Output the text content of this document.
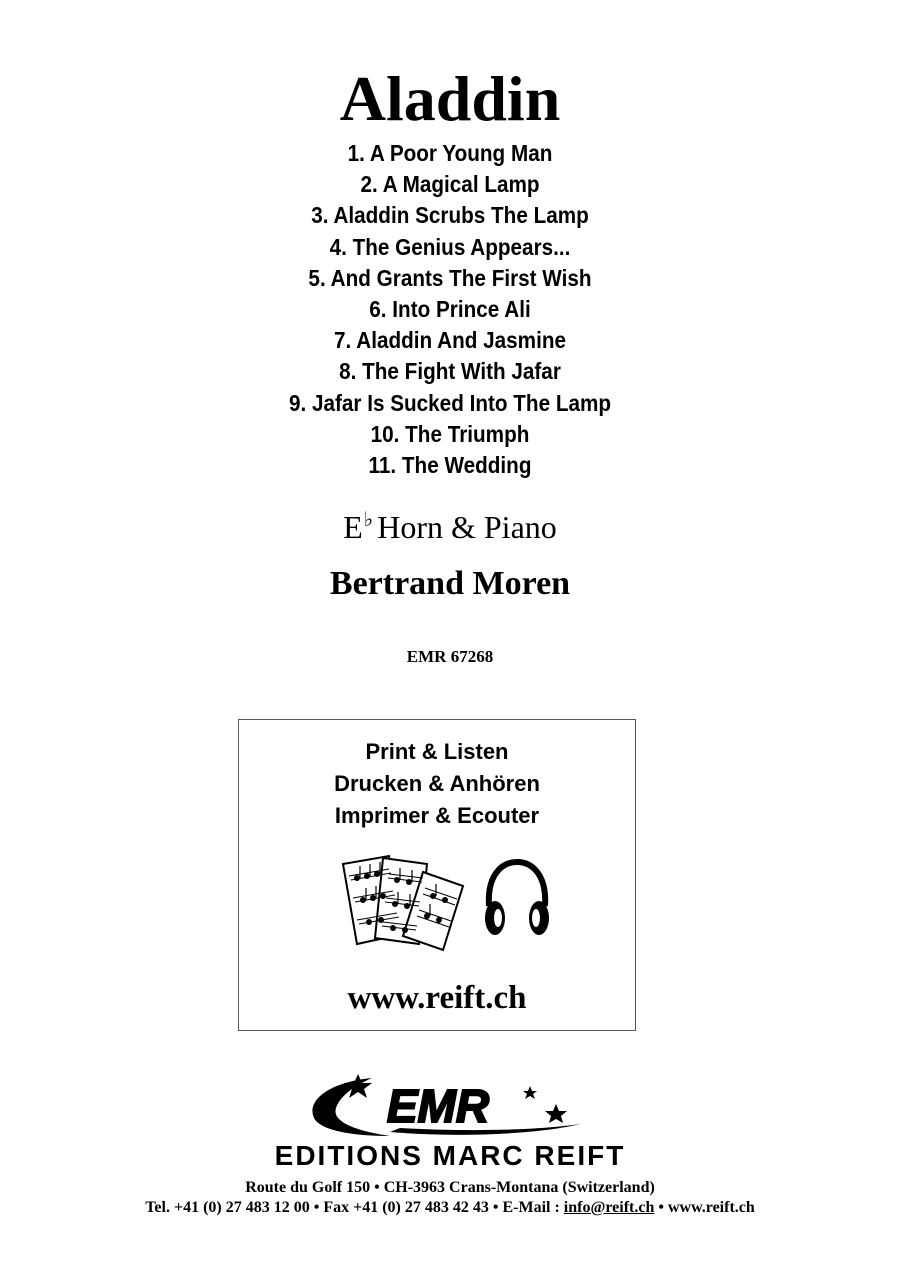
Aladdin
1. A Poor Young Man
2. A Magical Lamp
3. Aladdin Scrubs The Lamp
4. The Genius Appears...
5. And Grants The First Wish
6. Into Prince Ali
7. Aladdin And Jasmine
8. The Fight With Jafar
9. Jafar Is Sucked Into The Lamp
10. The Triumph
11. The Wedding
E♭ Horn & Piano
Bertrand Moren
EMR 67268
Print & Listen
Drucken & Anhören
Imprimer & Ecouter
www.reift.ch
EMR
EDITIONS MARC REIFT
Route du Golf 150 • CH-3963 Crans-Montana (Switzerland)
Tel. +41 (0) 27 483 12 00 • Fax +41 (0) 27 483 42 43 • E-Mail : info@reift.ch • www.reift.ch
